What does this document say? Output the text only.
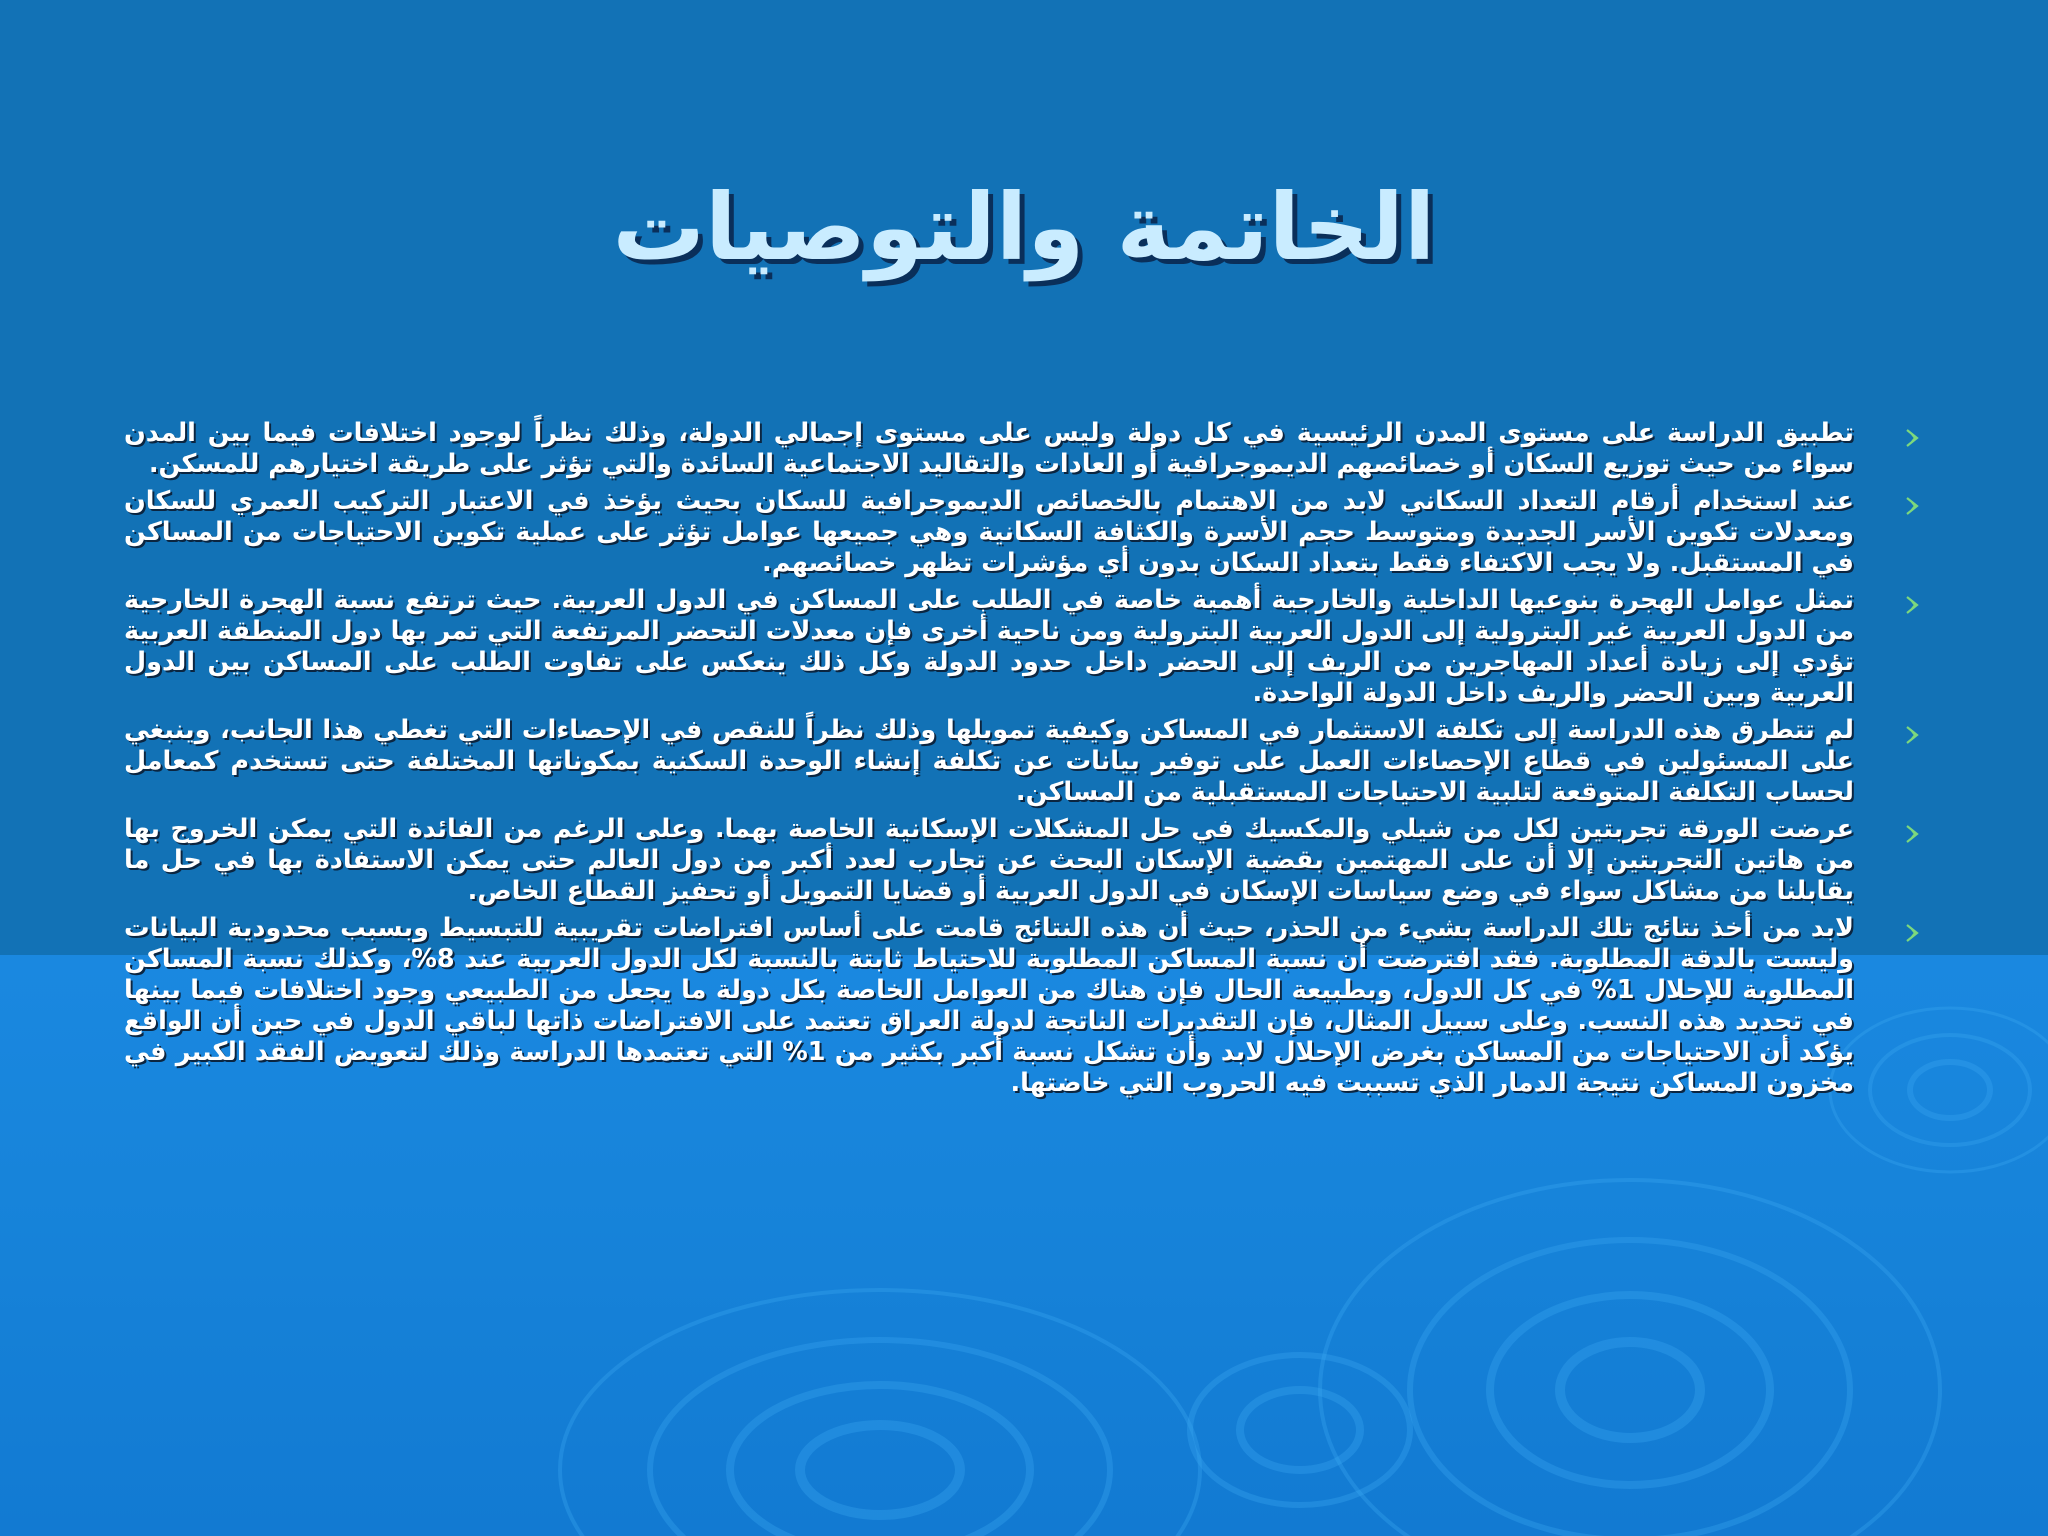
الخاتمة والتوصيات
تطبيق الدراسة على مستوى المدن الرئيسية في كل دولة وليس على مستوى إجمالي الدولة، وذلك نظراً لوجود اختلافات فيما بين المدن سواء من حيث توزيع السكان أو خصائصهم الديموجرافية أو العادات والتقاليد الاجتماعية السائدة والتي تؤثر على طريقة اختيارهم للمسكن.
عند استخدام أرقام التعداد السكاني لابد من الاهتمام بالخصائص الديموجرافية للسكان بحيث يؤخذ في الاعتبار التركيب العمري للسكان ومعدلات تكوين الأسر الجديدة ومتوسط حجم الأسرة والكثافة السكانية وهي جميعها عوامل تؤثر على عملية تكوين الاحتياجات من المساكن في المستقبل. ولا يجب الاكتفاء فقط بتعداد السكان بدون أي مؤشرات تظهر خصائصهم.
تمثل عوامل الهجرة بنوعيها الداخلية والخارجية أهمية خاصة في الطلب على المساكن في الدول العربية. حيث ترتفع نسبة الهجرة الخارجية من الدول العربية غير البترولية إلى الدول العربية البترولية ومن ناحية أخرى فإن معدلات التحضر المرتفعة التي تمر بها دول المنطقة العربية تؤدي إلى زيادة أعداد المهاجرين من الريف إلى الحضر داخل حدود الدولة وكل ذلك ينعكس على تفاوت الطلب على المساكن بين الدول العربية وبين الحضر والريف داخل الدولة الواحدة.
لم تتطرق هذه الدراسة إلى تكلفة الاستثمار في المساكن وكيفية تمويلها وذلك نظراً للنقص في الإحصاءات التي تغطي هذا الجانب، وينبغي على المسئولين في قطاع الإحصاءات العمل على توفير بيانات عن تكلفة إنشاء الوحدة السكنية بمكوناتها المختلفة حتى تستخدم كمعامل لحساب التكلفة المتوقعة لتلبية الاحتياجات المستقبلية من المساكن.
عرضت الورقة تجربتين لكل من شيلي والمكسيك في حل المشكلات الإسكانية الخاصة بهما. وعلى الرغم من الفائدة التي يمكن الخروج بها من هاتين التجربتين إلا أن على المهتمين بقضية الإسكان البحث عن تجارب لعدد أكبر من دول العالم حتى يمكن الاستفادة بها في حل ما يقابلنا من مشاكل سواء في وضع سياسات الإسكان في الدول العربية أو قضايا التمويل أو تحفيز القطاع الخاص.
لابد من أخذ نتائج تلك الدراسة بشيء من الحذر، حيث أن هذه النتائج قامت على أساس افتراضات تقريبية للتبسيط وبسبب محدودية البيانات وليست بالدقة المطلوبة. فقد افترضت أن نسبة المساكن المطلوبة للاحتياط ثابتة بالنسبة لكل الدول العربية عند 8%، وكذلك نسبة المساكن المطلوبة للإحلال 1% في كل الدول، وبطبيعة الحال فإن هناك من العوامل الخاصة بكل دولة ما يجعل من الطبيعي وجود اختلافات فيما بينها في تحديد هذه النسب. وعلى سبيل المثال، فإن التقديرات الناتجة لدولة العراق تعتمد على الافتراضات ذاتها لباقي الدول في حين أن الواقع يؤكد أن الاحتياجات من المساكن بغرض الإحلال لابد وأن تشكل نسبة أكبر بكثير من 1% التي تعتمدها الدراسة وذلك لتعويض الفقد الكبير في مخزون المساكن نتيجة الدمار الذي تسببت فيه الحروب التي خاضتها.
